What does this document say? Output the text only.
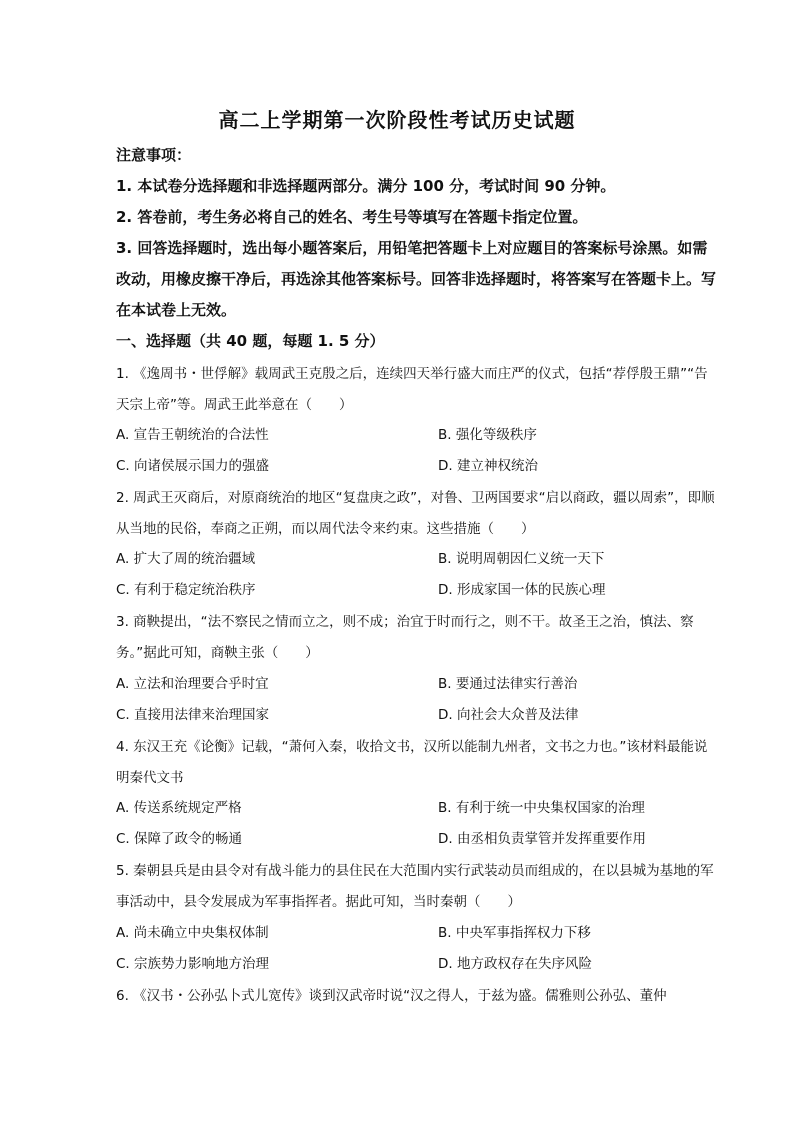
高二上学期第一次阶段性考试历史试题
注意事项：
1. 本试卷分选择题和非选择题两部分。满分 100 分，考试时间 90 分钟。
2. 答卷前，考生务必将自己的姓名、考生号等填写在答题卡指定位置。
3. 回答选择题时，选出每小题答案后，用铅笔把答题卡上对应题目的答案标号涂黑。如需改动，用橡皮擦干净后，再选涂其他答案标号。回答非选择题时，将答案写在答题卡上。写在本试卷上无效。
一、选择题（共 40 题，每题 1. 5 分）
1. 《逸周书・世俘解》载周武王克殷之后，连续四天举行盛大而庄严的仪式，包括“荐俘殷王鼎”“告天宗上帝”等。周武王此举意在（　　）
A. 宣告王朝统治的合法性	B. 强化等级秩序
C. 向诸侯展示国力的强盛	D. 建立神权统治
2. 周武王灭商后，对原商统治的地区“复盘庚之政”，对鲁、卫两国要求“启以商政，疆以周索”，即顺从当地的民俗，奉商之正朔，而以周代法令来约束。这些措施（　　）
A. 扩大了周的统治疆域	B. 说明周朝因仁义统一天下
C. 有利于稳定统治秩序	D. 形成家国一体的民族心理
3. 商鞅提出，“法不察民之情而立之，则不成；治宜于时而行之，则不干。故圣王之治，慎法、察务。”据此可知，商鞅主张（　　）
A. 立法和治理要合乎时宜	B. 要通过法律实行善治
C. 直接用法律来治理国家	D. 向社会大众普及法律
4. 东汉王充《论衡》记载，“萧何入秦，收拾文书，汉所以能制九州者，文书之力也。”该材料最能说明秦代文书
A. 传送系统规定严格	B. 有利于统一中央集权国家的治理
C. 保障了政令的畅通	D. 由丞相负责掌管并发挥重要作用
5. 秦朝县兵是由县令对有战斗能力的县住民在大范围内实行武装动员而组成的，在以县城为基地的军事活动中，县令发展成为军事指挥者。据此可知，当时秦朝（　　）
A. 尚未确立中央集权体制	B. 中央军事指挥权力下移
C. 宗族势力影响地方治理	D. 地方政权存在失序风险
6. 《汉书・公孙弘卜式儿宽传》谈到汉武帝时说“汉之得人，于兹为盛。儒雅则公孙弘、董仲
